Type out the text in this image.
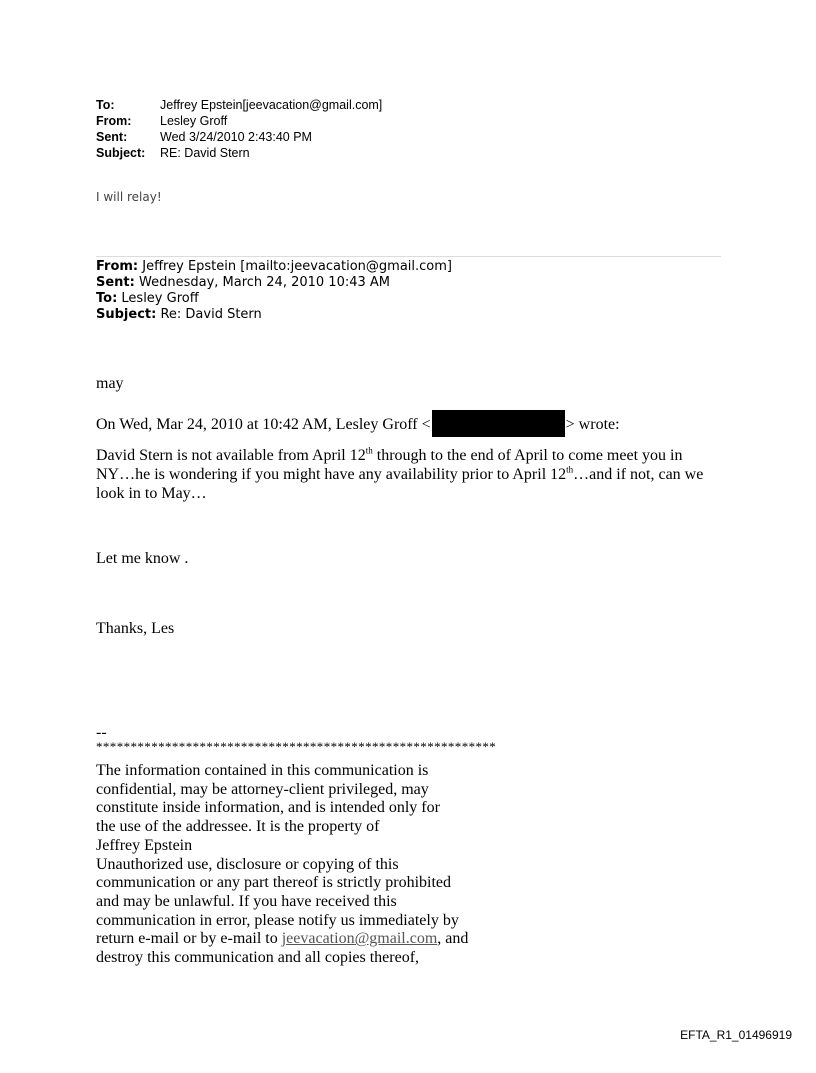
To:	Jeffrey Epstein[jeevacation@gmail.com]
From:	Lesley Groff
Sent:	Wed 3/24/2010 2:43:40 PM
Subject:	RE: David Stern
I will relay!
From: Jeffrey Epstein [mailto:jeevacation@gmail.com]
Sent: Wednesday, March 24, 2010 10:43 AM
To: Lesley Groff
Subject: Re: David Stern
may
On Wed, Mar 24, 2010 at 10:42 AM, Lesley Groff <	> wrote:
David Stern is not available from April 12th through to the end of April to come meet you in NY…he is wondering if you might have any availability prior to April 12th…and if not, can we look in to May…
Let me know .
Thanks, Les
--
**********************************************************
The information contained in this communication is
confidential, may be attorney-client privileged, may
constitute inside information, and is intended only for
the use of the addressee. It is the property of
Jeffrey Epstein
Unauthorized use, disclosure or copying of this
communication or any part thereof is strictly prohibited
and may be unlawful. If you have received this
communication in error, please notify us immediately by
return e-mail or by e-mail to jeevacation@gmail.com, and
destroy this communication and all copies thereof,
EFTA_R1_01496919
